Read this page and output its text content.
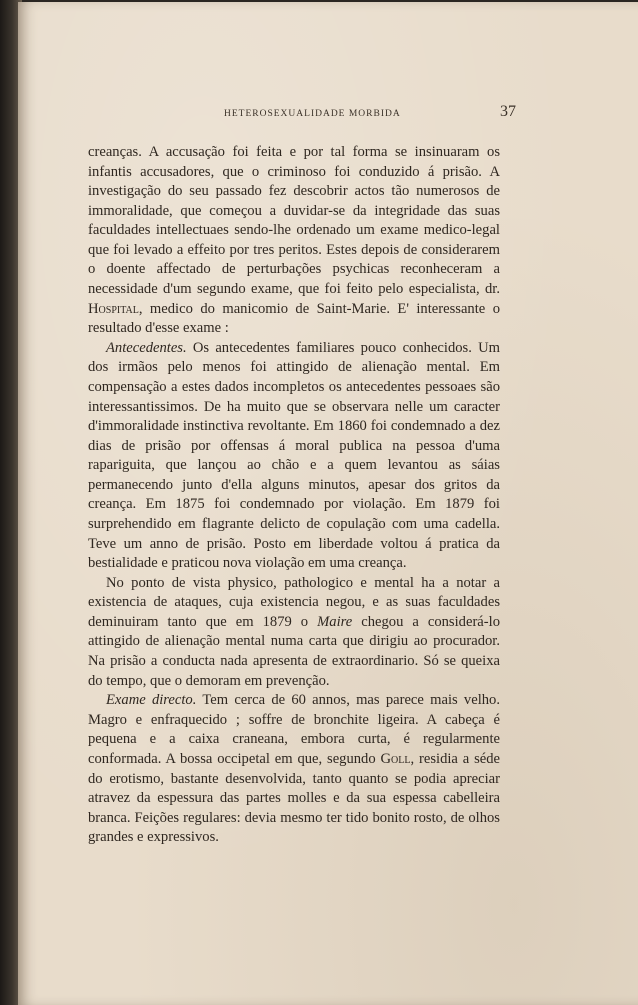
HETEROSEXUALIDADE MORBIDA	37

creanças. A accusação foi feita e por tal forma se insinuaram os infantis accusadores, que o criminoso foi conduzido á prisão. A investigação do seu passado fez descobrir actos tão numerosos de immoralidade, que começou a duvidar-se da integridade das suas faculdades intellectuaes sendo-lhe ordenado um exame medico-legal que foi levado a effeito por tres peritos. Estes depois de considerarem o doente affectado de perturbações psychicas reconheceram a necessidade d'um segundo exame, que foi feito pelo especialista, dr. Hospital, medico do manicomio de Saint-Marie. E' interessante o resultado d'esse exame :

Antecedentes. Os antecedentes familiares pouco conhecidos. Um dos irmãos pelo menos foi attingido de alienação mental. Em compensação a estes dados incompletos os antecedentes pessoaes são interessantissimos. De ha muito que se observara nelle um caracter d'immoralidade instinctiva revoltante. Em 1860 foi condemnado a dez dias de prisão por offensas á moral publica na pessoa d'uma rapariguita, que lançou ao chão e a quem levantou as sáias permanecendo junto d'ella alguns minutos, apesar dos gritos da creança. Em 1875 foi condemnado por violação. Em 1879 foi surprehendido em flagrante delicto de copulação com uma cadella. Teve um anno de prisão. Posto em liberdade voltou á pratica da bestialidade e praticou nova violação em uma creança.

No ponto de vista physico, pathologico e mental ha a notar a existencia de ataques, cuja existencia negou, e as suas faculdades deminuiram tanto que em 1879 o Maire chegou a considerá-lo attingido de alienação mental numa carta que dirigiu ao procurador. Na prisão a conducta nada apresenta de extraordinario. Só se queixa do tempo, que o demoram em prevenção.

Exame directo. Tem cerca de 60 annos, mas parece mais velho. Magro e enfraquecido ; soffre de bronchite ligeira. A cabeça é pequena e a caixa craneana, embora curta, é regularmente conformada. A bossa occipetal em que, segundo Goll, residia a séde do erotismo, bastante desenvolvida, tanto quanto se podia apreciar atravez da espessura das partes molles e da sua espessa cabelleira branca. Feições regulares: devia mesmo ter tido bonito rosto, de olhos grandes e expressivos.
